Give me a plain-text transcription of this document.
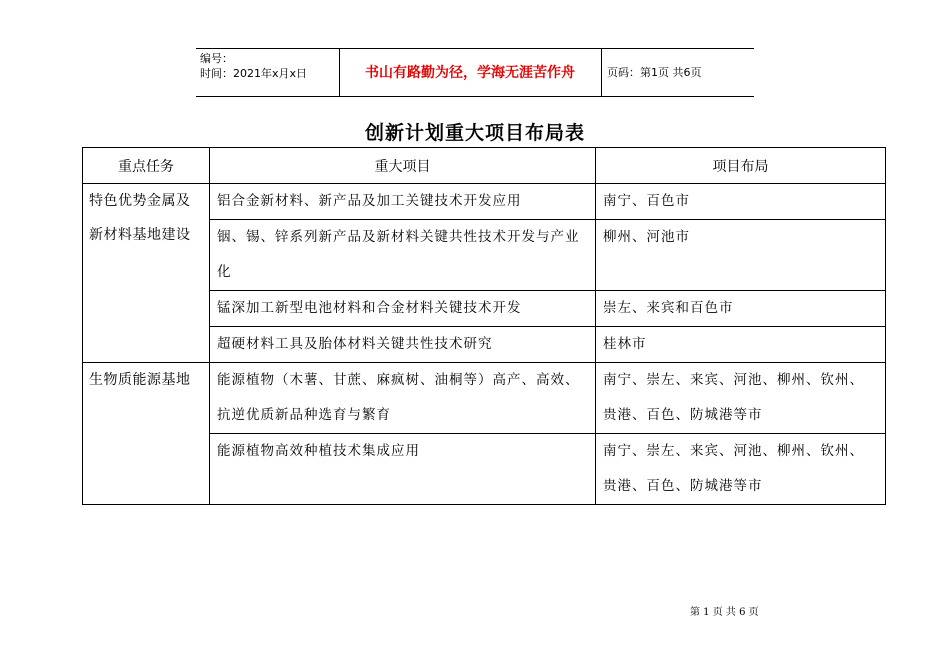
编号：
时间：2021年x月x日	书山有路勤为径，学海无涯苦作舟	页码：第1页 共6页
创新计划重大项目布局表
重点任务	重大项目	项目布局

特色优势金属及新材料基地建设	铝合金新材料、新产品及加工关键技术开发应用	南宁、百色市

	铟、锡、锌系列新产品及新材料关键共性技术开发与产业化	柳州、河池市

	锰深加工新型电池材料和合金材料关键技术开发	崇左、来宾和百色市

	超硬材料工具及胎体材料关键共性技术研究	桂林市

生物质能源基地	能源植物（木薯、甘蔗、麻疯树、油桐等）高产、高效、抗逆优质新品种选育与繁育	南宁、崇左、来宾、河池、柳州、钦州、贵港、百色、防城港等市

	能源植物高效种植技术集成应用	南宁、崇左、来宾、河池、柳州、钦州、贵港、百色、防城港等市
第 1 页 共 6 页
